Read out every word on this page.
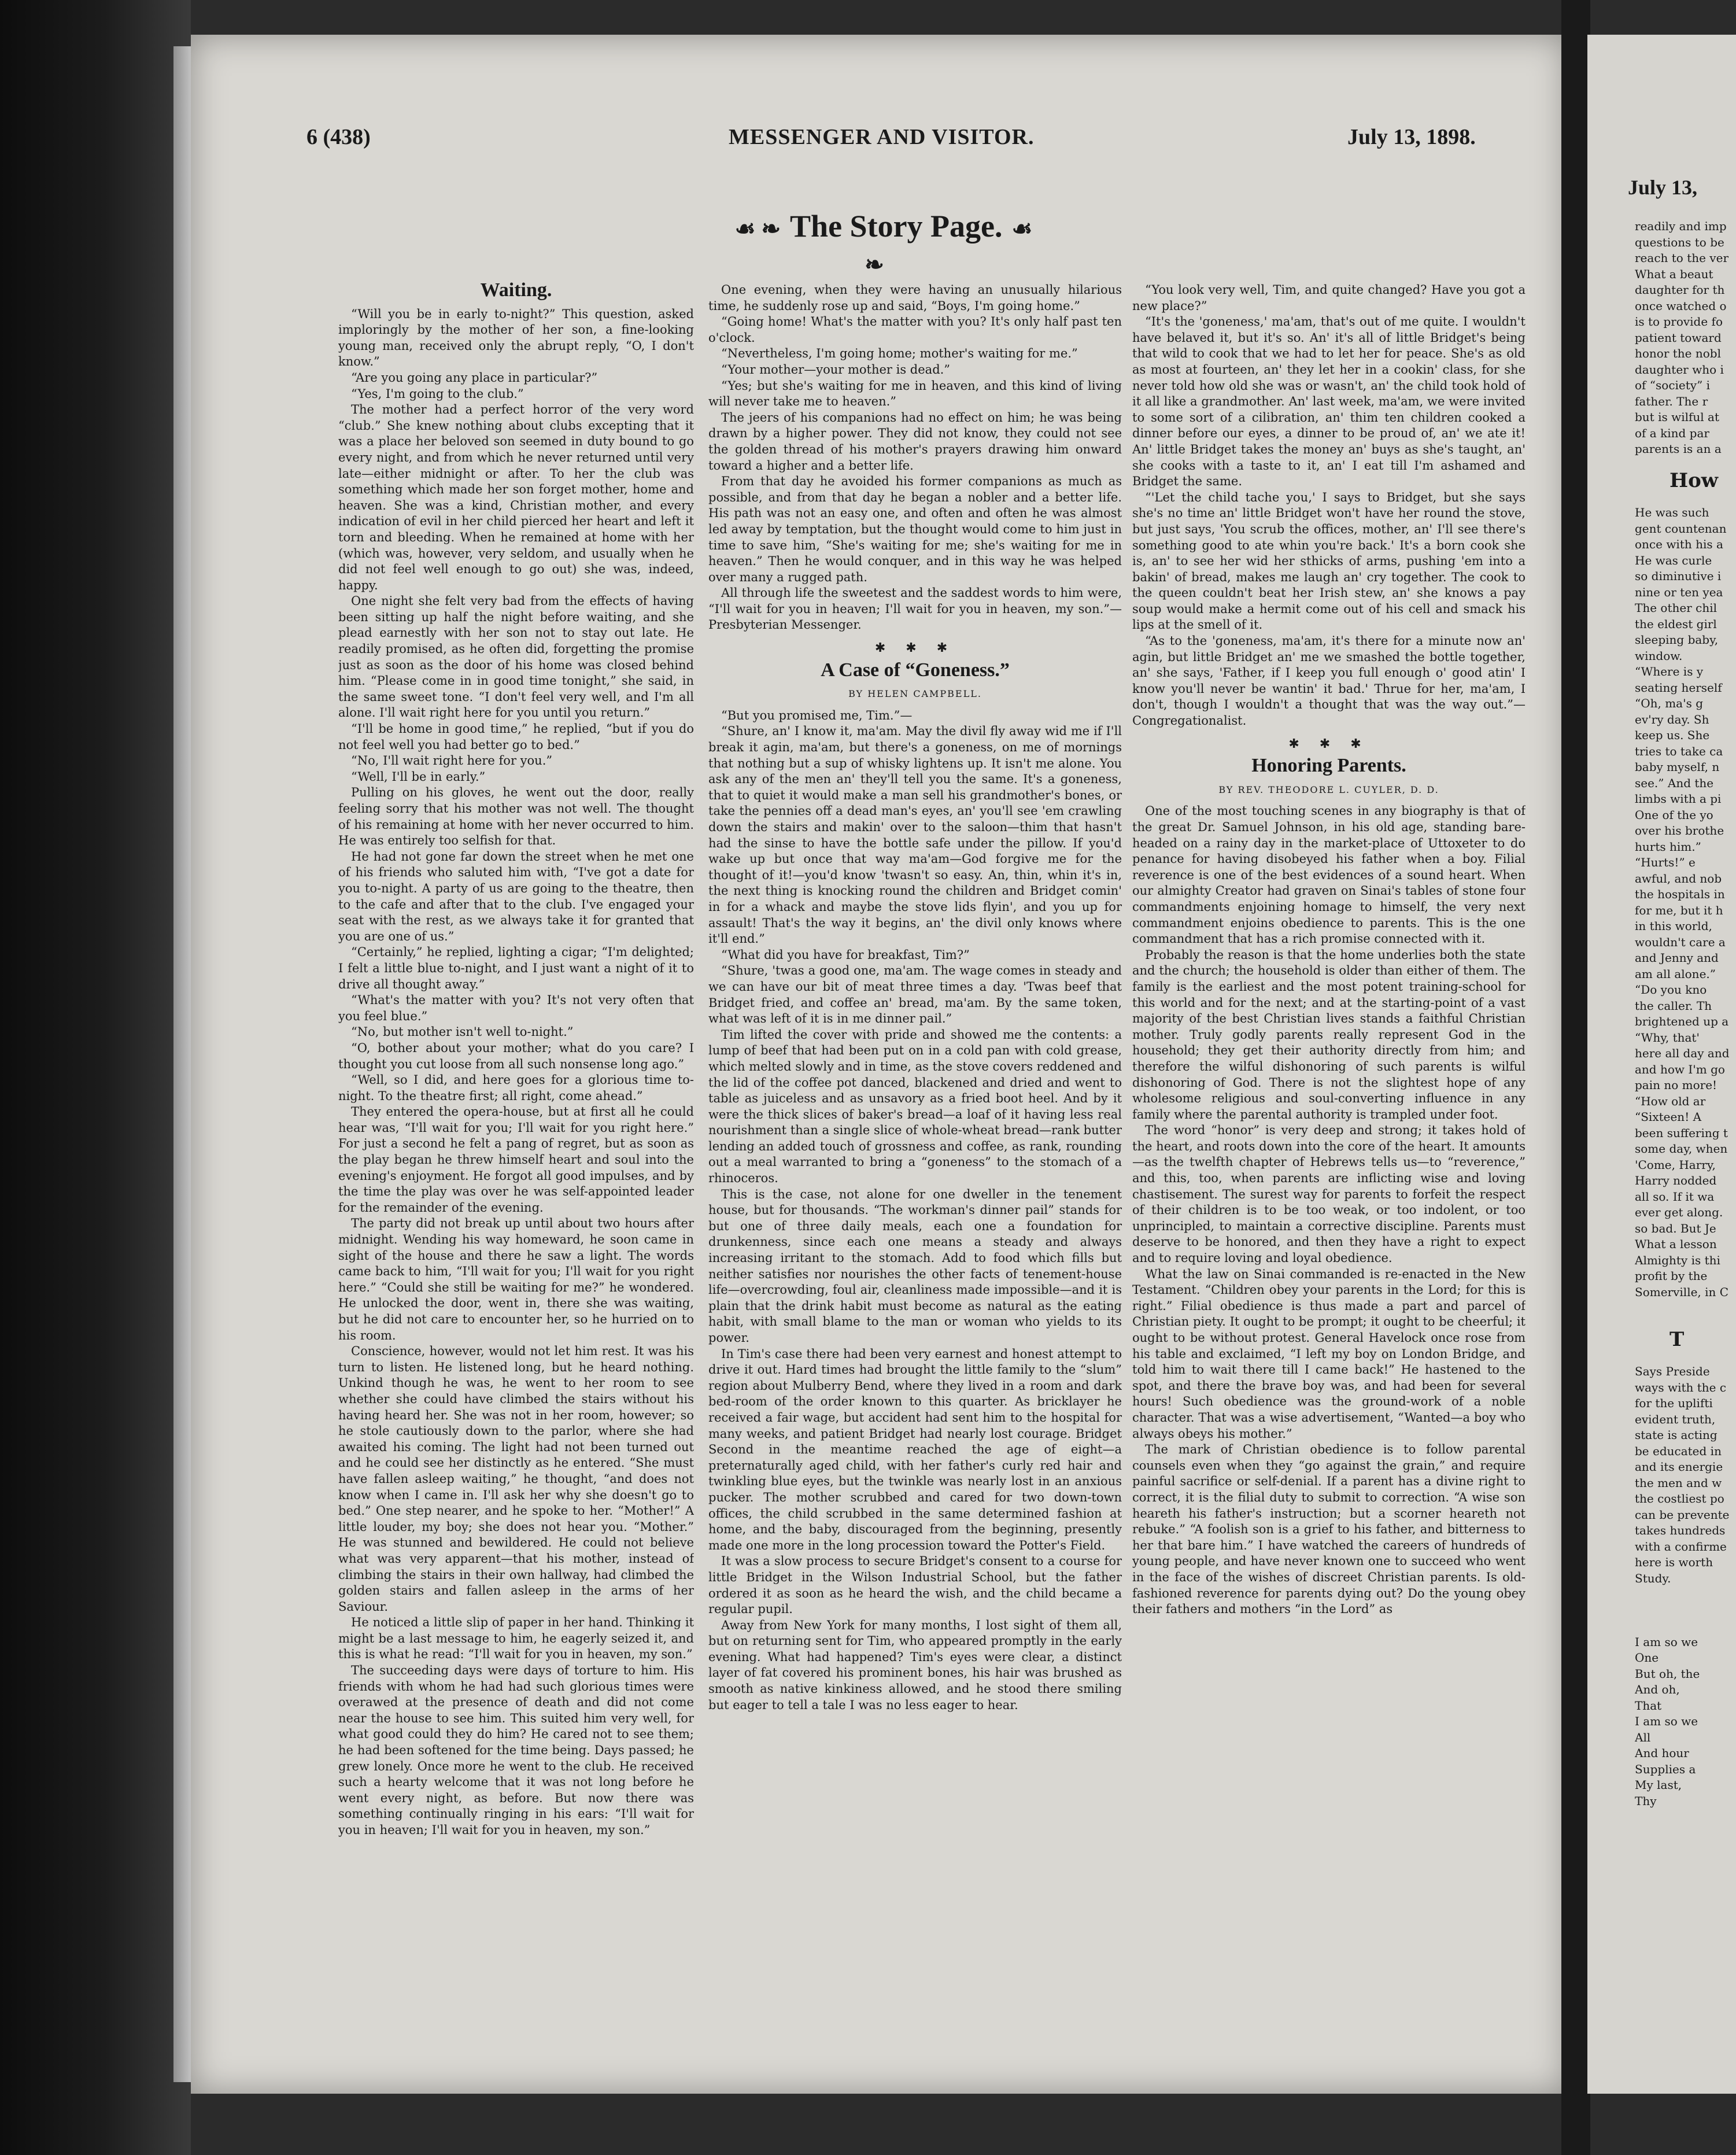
6 (438)	MESSENGER AND VISITOR.	July 13, 1898.
☙ ❧ The Story Page. ☙ ❧
Waiting.

“Will you be in early to-night?” This question, asked imploringly by the mother of her son, a fine-looking young man, received only the abrupt reply, “O, I don't know.”

“Are you going any place in particular?”

“Yes, I'm going to the club.”

The mother had a perfect horror of the very word “club.” She knew nothing about clubs excepting that it was a place her beloved son seemed in duty bound to go every night, and from which he never returned until very late—either midnight or after. To her the club was something which made her son forget mother, home and heaven. She was a kind, Christian mother, and every indication of evil in her child pierced her heart and left it torn and bleeding. When he remained at home with her (which was, however, very seldom, and usually when he did not feel well enough to go out) she was, indeed, happy.

One night she felt very bad from the effects of having been sitting up half the night before waiting, and she plead earnestly with her son not to stay out late. He readily promised, as he often did, forgetting the promise just as soon as the door of his home was closed behind him. “Please come in in good time tonight,” she said, in the same sweet tone. “I don't feel very well, and I'm all alone. I'll wait right here for you until you return.”

“I'll be home in good time,” he replied, “but if you do not feel well you had better go to bed.”

“No, I'll wait right here for you.”

“Well, I'll be in early.”

Pulling on his gloves, he went out the door, really feeling sorry that his mother was not well. The thought of his remaining at home with her never occurred to him. He was entirely too selfish for that.

He had not gone far down the street when he met one of his friends who saluted him with, “I've got a date for you to-night. A party of us are going to the theatre, then to the cafe and after that to the club. I've engaged your seat with the rest, as we always take it for granted that you are one of us.”

“Certainly,” he replied, lighting a cigar; “I'm delighted; I felt a little blue to-night, and I just want a night of it to drive all thought away.”

“What's the matter with you? It's not very often that you feel blue.”

“No, but mother isn't well to-night.”

“O, bother about your mother; what do you care? I thought you cut loose from all such nonsense long ago.”

“Well, so I did, and here goes for a glorious time to-night. To the theatre first; all right, come ahead.”

They entered the opera-house, but at first all he could hear was, “I'll wait for you; I'll wait for you right here.” For just a second he felt a pang of regret, but as soon as the play began he threw himself heart and soul into the evening's enjoyment. He forgot all good impulses, and by the time the play was over he was self-appointed leader for the remainder of the evening.

The party did not break up until about two hours after midnight. Wending his way homeward, he soon came in sight of the house and there he saw a light. The words came back to him, “I'll wait for you; I'll wait for you right here.” “Could she still be waiting for me?” he wondered. He unlocked the door, went in, there she was waiting, but he did not care to encounter her, so he hurried on to his room.

Conscience, however, would not let him rest. It was his turn to listen. He listened long, but he heard nothing. Unkind though he was, he went to her room to see whether she could have climbed the stairs without his having heard her. She was not in her room, however; so he stole cautiously down to the parlor, where she had awaited his coming. The light had not been turned out and he could see her distinctly as he entered. “She must have fallen asleep waiting,” he thought, “and does not know when I came in. I'll ask her why she doesn't go to bed.” One step nearer, and he spoke to her. “Mother!” A little louder, my boy; she does not hear you. “Mother.” He was stunned and bewildered. He could not believe what was very apparent—that his mother, instead of climbing the stairs in their own hallway, had climbed the golden stairs and fallen asleep in the arms of her Saviour.

He noticed a little slip of paper in her hand. Thinking it might be a last message to him, he eagerly seized it, and this is what he read: “I'll wait for you in heaven, my son.”

The succeeding days were days of torture to him. His friends with whom he had had such glorious times were overawed at the presence of death and did not come near the house to see him. This suited him very well, for what good could they do him? He cared not to see them; he had been softened for the time being. Days passed; he grew lonely. Once more he went to the club. He received such a hearty welcome that it was not long before he went every night, as before. But now there was something continually ringing in his ears: “I'll wait for you in heaven; I'll wait for you in heaven, my son.”

One evening, when they were having an unusually hilarious time, he suddenly rose up and said, “Boys, I'm going home.”

“Going home! What's the matter with you? It's only half past ten o'clock.

“Nevertheless, I'm going home; mother's waiting for me.”

“Your mother—your mother is dead.”

“Yes; but she's waiting for me in heaven, and this kind of living will never take me to heaven.”

The jeers of his companions had no effect on him; he was being drawn by a higher power. They did not know, they could not see the golden thread of his mother's prayers drawing him onward toward a higher and a better life.

From that day he avoided his former companions as much as possible, and from that day he began a nobler and a better life. His path was not an easy one, and often and often he was almost led away by temptation, but the thought would come to him just in time to save him, “She's waiting for me; she's waiting for me in heaven.” Then he would conquer, and in this way he was helped over many a rugged path.

All through life the sweetest and the saddest words to him were, “I'll wait for you in heaven; I'll wait for you in heaven, my son.”—Presbyterian Messenger.

✱ ✱ ✱
A Case of “Goneness.”
BY HELEN CAMPBELL.

“But you promised me, Tim.”—

“Shure, an' I know it, ma'am. May the divil fly away wid me if I'll break it agin, ma'am, but there's a goneness, on me of mornings that nothing but a sup of whisky lightens up. It isn't me alone. You ask any of the men an' they'll tell you the same. It's a goneness, that to quiet it would make a man sell his grandmother's bones, or take the pennies off a dead man's eyes, an' you'll see 'em crawling down the stairs and makin' over to the saloon—thim that hasn't had the sinse to have the bottle safe under the pillow. If you'd wake up but once that way ma'am—God forgive me for the thought of it!—you'd know 'twasn't so easy. An, thin, whin it's in, the next thing is knocking round the children and Bridget comin' in for a whack and maybe the stove lids flyin', and you up for assault! That's the way it begins, an' the divil only knows where it'll end.”

“What did you have for breakfast, Tim?”

“Shure, 'twas a good one, ma'am. The wage comes in steady and we can have our bit of meat three times a day. 'Twas beef that Bridget fried, and coffee an' bread, ma'am. By the same token, what was left of it is in me dinner pail.”

Tim lifted the cover with pride and showed me the contents: a lump of beef that had been put on in a cold pan with cold grease, which melted slowly and in time, as the stove covers reddened and the lid of the coffee pot danced, blackened and dried and went to table as juiceless and as unsavory as a fried boot heel. And by it were the thick slices of baker's bread—a loaf of it having less real nourishment than a single slice of whole-wheat bread—rank butter lending an added touch of grossness and coffee, as rank, rounding out a meal warranted to bring a “goneness” to the stomach of a rhinoceros.

This is the case, not alone for one dweller in the tenement house, but for thousands. “The workman's dinner pail” stands for but one of three daily meals, each one a foundation for drunkenness, since each one means a steady and always increasing irritant to the stomach. Add to food which fills but neither satisfies nor nourishes the other facts of tenement-house life—overcrowding, foul air, cleanliness made impossible—and it is plain that the drink habit must become as natural as the eating habit, with small blame to the man or woman who yields to its power.

In Tim's case there had been very earnest and honest attempt to drive it out. Hard times had brought the little family to the “slum” region about Mulberry Bend, where they lived in a room and dark bed-room of the order known to this quarter. As bricklayer he received a fair wage, but accident had sent him to the hospital for many weeks, and patient Bridget had nearly lost courage. Bridget Second in the meantime reached the age of eight—a preternaturally aged child, with her father's curly red hair and twinkling blue eyes, but the twinkle was nearly lost in an anxious pucker. The mother scrubbed and cared for two down-town offices, the child scrubbed in the same determined fashion at home, and the baby, discouraged from the beginning, presently made one more in the long procession toward the Potter's Field.

It was a slow process to secure Bridget's consent to a course for little Bridget in the Wilson Industrial School, but the father ordered it as soon as he heard the wish, and the child became a regular pupil.

Away from New York for many months, I lost sight of them all, but on returning sent for Tim, who appeared promptly in the early evening. What had happened? Tim's eyes were clear, a distinct layer of fat covered his prominent bones, his hair was brushed as smooth as native kinkiness allowed, and he stood there smiling but eager to tell a tale I was no less eager to hear.

“You look very well, Tim, and quite changed? Have you got a new place?”

“It's the 'goneness,' ma'am, that's out of me quite. I wouldn't have belaved it, but it's so. An' it's all of little Bridget's being that wild to cook that we had to let her for peace. She's as old as most at fourteen, an' they let her in a cookin' class, for she never told how old she was or wasn't, an' the child took hold of it all like a grandmother. An' last week, ma'am, we were invited to some sort of a cilibration, an' thim ten children cooked a dinner before our eyes, a dinner to be proud of, an' we ate it! An' little Bridget takes the money an' buys as she's taught, an' she cooks with a taste to it, an' I eat till I'm ashamed and Bridget the same.

“'Let the child tache you,' I says to Bridget, but she says she's no time an' little Bridget won't have her round the stove, but just says, 'You scrub the offices, mother, an' I'll see there's something good to ate whin you're back.' It's a born cook she is, an' to see her wid her sthicks of arms, pushing 'em into a bakin' of bread, makes me laugh an' cry together. The cook to the queen couldn't beat her Irish stew, an' she knows a pay soup would make a hermit come out of his cell and smack his lips at the smell of it.

“As to the 'goneness, ma'am, it's there for a minute now an' agin, but little Bridget an' me we smashed the bottle together, an' she says, 'Father, if I keep you full enough o' good atin' I know you'll never be wantin' it bad.' Thrue for her, ma'am, I don't, though I wouldn't a thought that was the way out.”—Congregationalist.

✱ ✱ ✱
Honoring Parents.
BY REV. THEODORE L. CUYLER, D. D.

One of the most touching scenes in any biography is that of the great Dr. Samuel Johnson, in his old age, standing bare-headed on a rainy day in the market-place of Uttoxeter to do penance for having disobeyed his father when a boy. Filial reverence is one of the best evidences of a sound heart. When our almighty Creator had graven on Sinai's tables of stone four commandments enjoining homage to himself, the very next commandment enjoins obedience to parents. This is the one commandment that has a rich promise connected with it.

Probably the reason is that the home underlies both the state and the church; the household is older than either of them. The family is the earliest and the most potent training-school for this world and for the next; and at the starting-point of a vast majority of the best Christian lives stands a faithful Christian mother. Truly godly parents really represent God in the household; they get their authority directly from him; and therefore the wilful dishonoring of such parents is wilful dishonoring of God. There is not the slightest hope of any wholesome religious and soul-converting influence in any family where the parental authority is trampled under foot.

The word “honor” is very deep and strong; it takes hold of the heart, and roots down into the core of the heart. It amounts—as the twelfth chapter of Hebrews tells us—to “reverence,” and this, too, when parents are inflicting wise and loving chastisement. The surest way for parents to forfeit the respect of their children is to be too weak, or too indolent, or too unprincipled, to maintain a corrective discipline. Parents must deserve to be honored, and then they have a right to expect and to require loving and loyal obedience.

What the law on Sinai commanded is re-enacted in the New Testament. “Children obey your parents in the Lord; for this is right.” Filial obedience is thus made a part and parcel of Christian piety. It ought to be prompt; it ought to be cheerful; it ought to be without protest. General Havelock once rose from his table and exclaimed, “I left my boy on London Bridge, and told him to wait there till I came back!” He hastened to the spot, and there the brave boy was, and had been for several hours! Such obedience was the ground-work of a noble character. That was a wise advertisement, “Wanted—a boy who always obeys his mother.”

The mark of Christian obedience is to follow parental counsels even when they “go against the grain,” and require painful sacrifice or self-denial. If a parent has a divine right to correct, it is the filial duty to submit to correction. “A wise son heareth his father's instruction; but a scorner heareth not rebuke.” “A foolish son is a grief to his father, and bitterness to her that bare him.” I have watched the careers of hundreds of young people, and have never known one to succeed who went in the face of the wishes of discreet Christian parents. Is old-fashioned reverence for parents dying out? Do the young obey their fathers and mothers “in the Lord” as

July 13,
readily and imp
questions to be
reach to the ver
What a beaut
daughter for th
once watched o
is to provide fo
patient toward
honor the nobl
daughter who i
of “society” i
father. The r
but is wilful at
of a kind par
parents is an a
How
He was such
gent countenan
once with his a
He was curle
so diminutive i
nine or ten yea
The other chil
the eldest girl
sleeping baby,
window.
“Where is y
seating herself
“Oh, ma's g
ev'ry day. Sh
keep us. She
tries to take ca
baby myself, n
see.” And the
limbs with a pi
One of the yo
over his brothe
hurts him.”
“Hurts!” e
awful, and nob
the hospitals in
for me, but it h
in this world,
wouldn't care a
and Jenny and
am all alone.”
“Do you kno
the caller. Th
brightened up a
“Why, that'
here all day and
and how I'm go
pain no more!
“How old ar
“Sixteen! A
been suffering t
some day, when
'Come, Harry,
Harry nodded
all so. If it wa
ever get along.
so bad. But Je
What a lesson
Almighty is thi
profit by the
Somerville, in C
T
Says Preside
ways with the c
for the uplifti
evident truth,
state is acting
be educated in
and its energie
the men and w
the costliest po
can be prevente
takes hundreds
with a confirme
here is worth
Study.
I am so we
One
But oh, the
And oh,
That
I am so we
All
And hour
Supplies a
My last,
Thy
